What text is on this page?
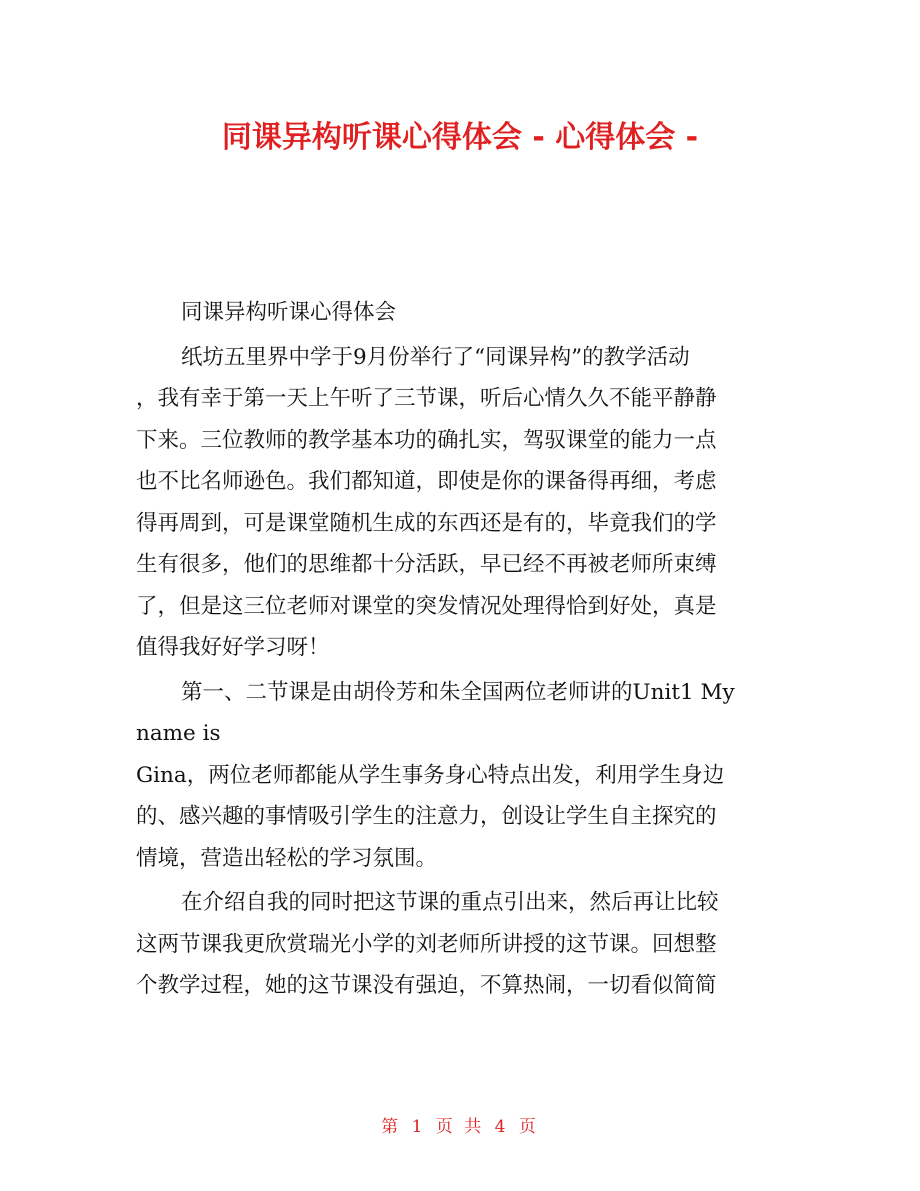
同课异构听课心得体会 - 心得体会 -

同课异构听课心得体会

纸坊五里界中学于9月份举行了“同课异构”的教学活动
，我有幸于第一天上午听了三节课，听后心情久久不能平静静
下来。三位教师的教学基本功的确扎实，驾驭课堂的能力一点
也不比名师逊色。我们都知道，即使是你的课备得再细，考虑
得再周到，可是课堂随机生成的东西还是有的，毕竟我们的学
生有很多，他们的思维都十分活跃，早已经不再被老师所束缚
了，但是这三位老师对课堂的突发情况处理得恰到好处，真是
值得我好好学习呀！

第一、二节课是由胡伶芳和朱全国两位老师讲的Unit1 My
name is
Gina，两位老师都能从学生事务身心特点出发，利用学生身边
的、感兴趣的事情吸引学生的注意力，创设让学生自主探究的
情境，营造出轻松的学习氛围。

在介绍自我的同时把这节课的重点引出来，然后再让比较
这两节课我更欣赏瑞光小学的刘老师所讲授的这节课。回想整
个教学过程，她的这节课没有强迫，不算热闹，一切看似简简

第 1 页 共 4 页
